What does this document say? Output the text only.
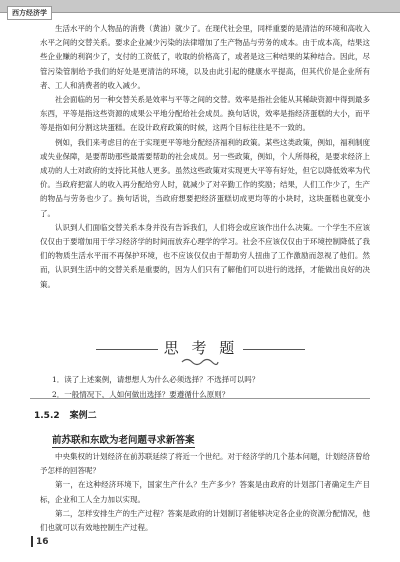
西方经济学

生活水平的个人物品的消费（黄油）就少了。在现代社会里，同样重要的是清洁的环境和高收入水平之间的交替关系。要求企业减少污染的法律增加了生产物品与劳务的成本。由于成本高，结果这些企业赚的利润少了，支付的工资低了，收取的价格高了，或者是这三种结果的某种结合。因此，尽管污染管制给予我们的好处是更清洁的环境，以及由此引起的健康水平提高，但其代价是企业所有者、工人和消费者的收入减少。

社会面临的另一种交替关系是效率与平等之间的交替。效率是指社会能从其稀缺资源中得到最多东西，平等是指这些资源的成果公平地分配给社会成员。换句话说，效率是指经济蛋糕的大小，而平等是指如何分割这块蛋糕。在设计政府政策的时候，这两个目标往往是不一致的。

例如，我们来考虑目的在于实现更平等地分配经济福利的政策。某些这类政策，例如，福利制度或失业保障，是要帮助那些最需要帮助的社会成员。另一些政策，例如，个人所得税，是要求经济上成功的人士对政府的支持比其他人更多。虽然这些政策对实现更大平等有好处，但它以降低效率为代价。当政府把富人的收入再分配给穷人时，就减少了对辛勤工作的奖励；结果，人们工作少了，生产的物品与劳务也少了。换句话说，当政府想要把经济蛋糕切成更均等的小块时，这块蛋糕也就变小了。

认识到人们面临交替关系本身并没有告诉我们，人们将会或应该作出什么决策。一个学生不应该仅仅由于要增加用于学习经济学的时间而放弃心理学的学习。社会不应该仅仅由于环境控制降低了我们的物质生活水平而不再保护环境，也不应该仅仅由于帮助穷人扭曲了工作激励而忽视了他们。然而，认识到生活中的交替关系是重要的，因为人们只有了解他们可以进行的选择，才能做出良好的决策。

思 考 题
1．读了上述案例，请想想人为什么必须选择？不选择可以吗？
2．一般情况下，人如何做出选择？要遵循什么原则？
1.5.2 案例二
前苏联和东欧为老问题寻求新答案

中央集权的计划经济在前苏联延续了将近一个世纪。对于经济学的几个基本问题，计划经济曾给予怎样的回答呢？

第一，在这种经济环境下，国家生产什么？生产多少？答案是由政府的计划部门者确定生产目标，企业和工人全力加以实现。

第二，怎样安排生产的生产过程？答案是政府的计划制订者能够决定各企业的资源分配情况，他们也就可以有效地控制生产过程。

16
